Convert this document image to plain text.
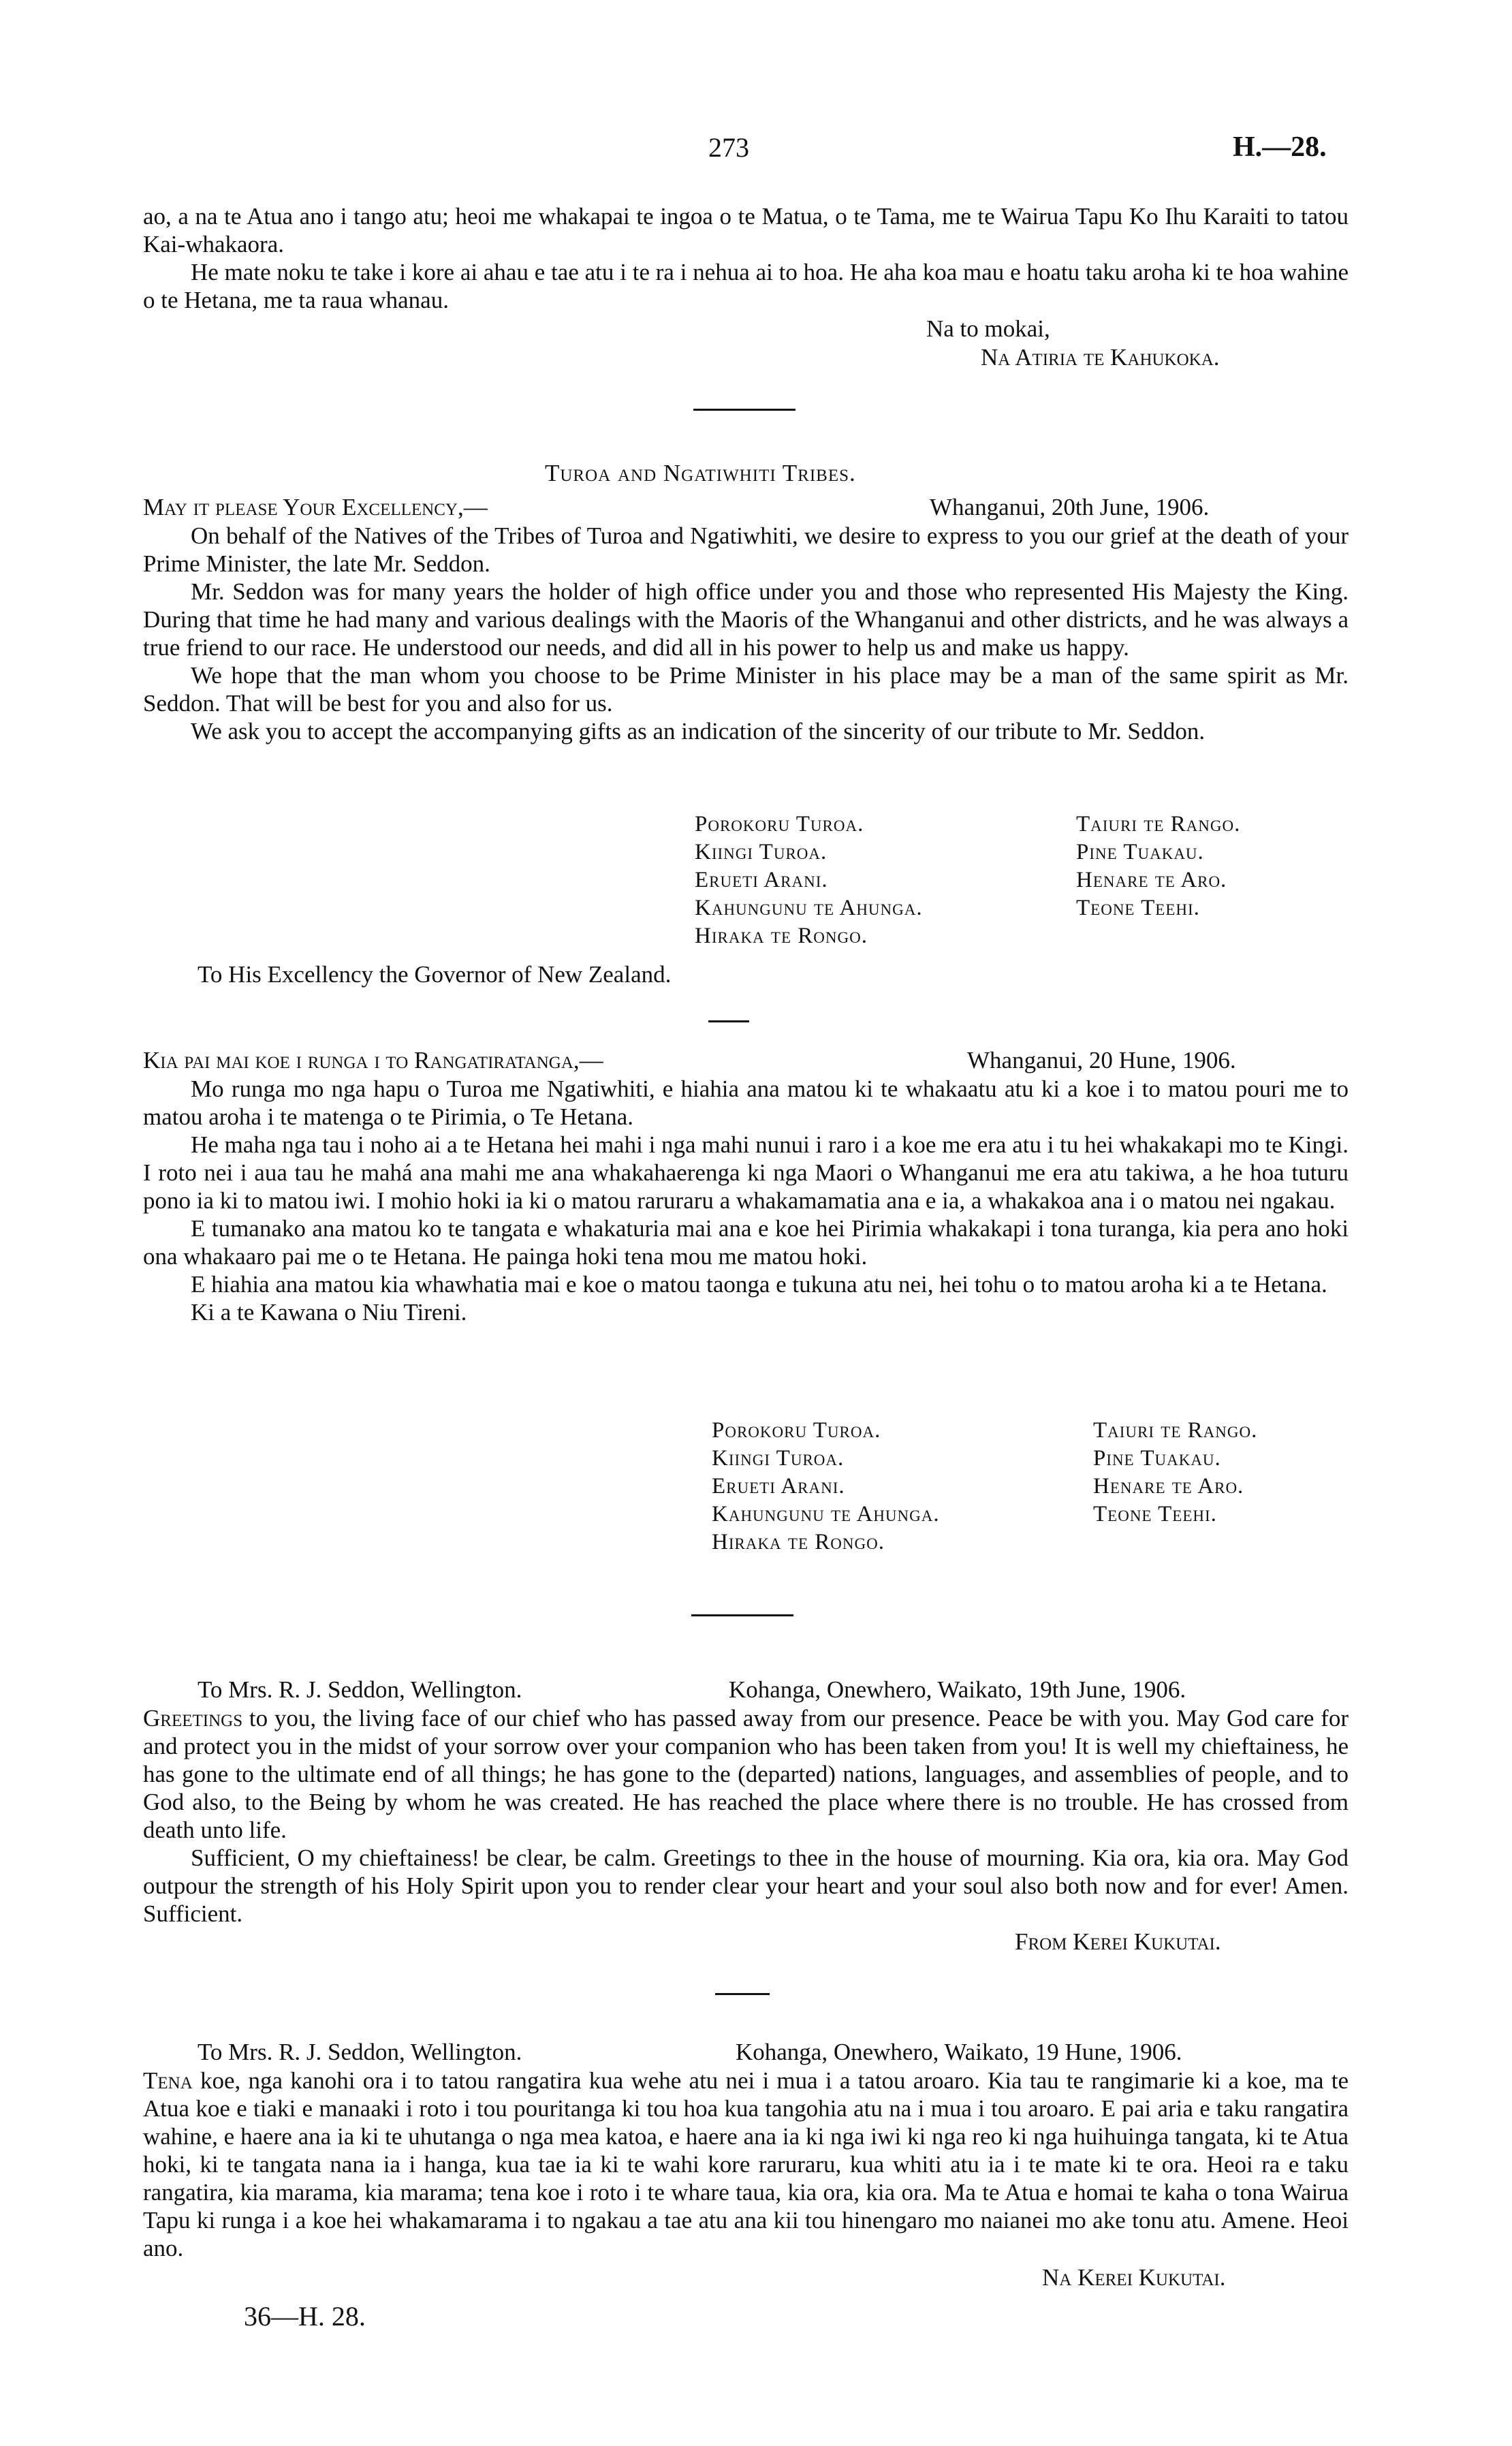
273	H.—28.

ao, a na te Atua ano i tango atu; heoi me whakapai te ingoa o te Matua, o te Tama, me te Wairua Tapu Ko Ihu Karaiti to tatou Kai-whakaora.

He mate noku te take i kore ai ahau e tae atu i te ra i nehua ai to hoa. He aha koa mau e hoatu taku aroha ki te hoa wahine o te Hetana, me ta raua whanau.

Na to mokai,
Na Atiria te Kahukoka.
Turoa and Ngatiwhiti Tribes.
May it please Your Excellency,—	Whanganui, 20th June, 1906.

On behalf of the Natives of the Tribes of Turoa and Ngatiwhiti, we desire to express to you our grief at the death of your Prime Minister, the late Mr. Seddon.

Mr. Seddon was for many years the holder of high office under you and those who represented His Majesty the King. During that time he had many and various dealings with the Maoris of the Whanganui and other districts, and he was always a true friend to our race. He understood our needs, and did all in his power to help us and make us happy.

We hope that the man whom you choose to be Prime Minister in his place may be a man of the same spirit as Mr. Seddon. That will be best for you and also for us.

We ask you to accept the accompanying gifts as an indication of the sincerity of our tribute to Mr. Seddon.

Porokoru Turoa.	Taiuri te Rango.
Kiingi Turoa.	Pine Tuakau.
Erueti Arani.	Henare te Aro.
Kahungunu te Ahunga.	Teone Teehi.
Hiraka te Rongo.
To His Excellency the Governor of New Zealand.
Kia pai mai koe i runga i to Rangatiratanga,—	Whanganui, 20 Hune, 1906.

Mo runga mo nga hapu o Turoa me Ngatiwhiti, e hiahia ana matou ki te whakaatu atu ki a koe i to matou pouri me to matou aroha i te matenga o te Pirimia, o Te Hetana.

He maha nga tau i noho ai a te Hetana hei mahi i nga mahi nunui i raro i a koe me era atu i tu hei whakakapi mo te Kingi. I roto nei i aua tau he mahá ana mahi me ana whakahaerenga ki nga Maori o Whanganui me era atu takiwa, a he hoa tuturu pono ia ki to matou iwi. I mohio hoki ia ki o matou raruraru a whakamamatia ana e ia, a whakakoa ana i o matou nei ngakau.

E tumanako ana matou ko te tangata e whakaturia mai ana e koe hei Pirimia whakakapi i tona turanga, kia pera ano hoki ona whakaaro pai me o te Hetana. He painga hoki tena mou me matou hoki.

E hiahia ana matou kia whawhatia mai e koe o matou taonga e tukuna atu nei, hei tohu o to matou aroha ki a te Hetana.

Ki a te Kawana o Niu Tireni.

Porokoru Turoa.	Taiuri te Rango.
Kiingi Turoa.	Pine Tuakau.
Erueti Arani.	Henare te Aro.
Kahungunu te Ahunga.	Teone Teehi.
Hiraka te Rongo.
To Mrs. R. J. Seddon, Wellington.	Kohanga, Onewhero, Waikato, 19th June, 1906.

Greetings to you, the living face of our chief who has passed away from our presence. Peace be with you. May God care for and protect you in the midst of your sorrow over your companion who has been taken from you! It is well my chieftainess, he has gone to the ultimate end of all things; he has gone to the (departed) nations, languages, and assemblies of people, and to God also, to the Being by whom he was created. He has reached the place where there is no trouble. He has crossed from death unto life.

Sufficient, O my chieftainess! be clear, be calm. Greetings to thee in the house of mourning. Kia ora, kia ora. May God outpour the strength of his Holy Spirit upon you to render clear your heart and your soul also both now and for ever! Amen. Sufficient.

From Kerei Kukutai.
To Mrs. R. J. Seddon, Wellington.	Kohanga, Onewhero, Waikato, 19 Hune, 1906.

Tena koe, nga kanohi ora i to tatou rangatira kua wehe atu nei i mua i a tatou aroaro. Kia tau te rangimarie ki a koe, ma te Atua koe e tiaki e manaaki i roto i tou pouritanga ki tou hoa kua tangohia atu na i mua i tou aroaro. E pai aria e taku rangatira wahine, e haere ana ia ki te uhutanga o nga mea katoa, e haere ana ia ki nga iwi ki nga reo ki nga huihuinga tangata, ki te Atua hoki, ki te tangata nana ia i hanga, kua tae ia ki te wahi kore raruraru, kua whiti atu ia i te mate ki te ora. Heoi ra e taku rangatira, kia marama, kia marama; tena koe i roto i te whare taua, kia ora, kia ora. Ma te Atua e homai te kaha o tona Wairua Tapu ki runga i a koe hei whakamarama i to ngakau a tae atu ana kii tou hinengaro mo naianei mo ake tonu atu. Amene. Heoi ano.

Na Kerei Kukutai.
36—H. 28.
